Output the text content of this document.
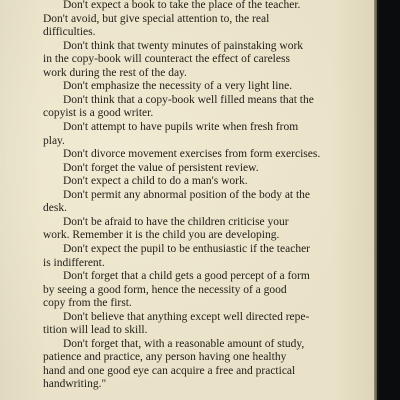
Don't expect a book to take the place of the teacher.

Don't avoid, but give special attention to, the real

difficulties.

Don't think that twenty minutes of painstaking work

in the copy-book will counteract the effect of careless

work during the rest of the day.

Don't emphasize the necessity of a very light line.

Don't think that a copy-book well filled means that the

copyist is a good writer.

Don't attempt to have pupils write when fresh from

play.

Don't divorce movement exercises from form exercises.

Don't forget the value of persistent review.

Don't expect a child to do a man's work.

Don't permit any abnormal position of the body at the

desk.

Don't be afraid to have the children criticise your

work. Remember it is the child you are developing.

Don't expect the pupil to be enthusiastic if the teacher

is indifferent.

Don't forget that a child gets a good percept of a form

by seeing a good form, hence the necessity of a good

copy from the first.

Don't believe that anything except well directed repe-

tition will lead to skill.

Don't forget that, with a reasonable amount of study,

patience and practice, any person having one healthy

hand and one good eye can acquire a free and practical

handwriting."
